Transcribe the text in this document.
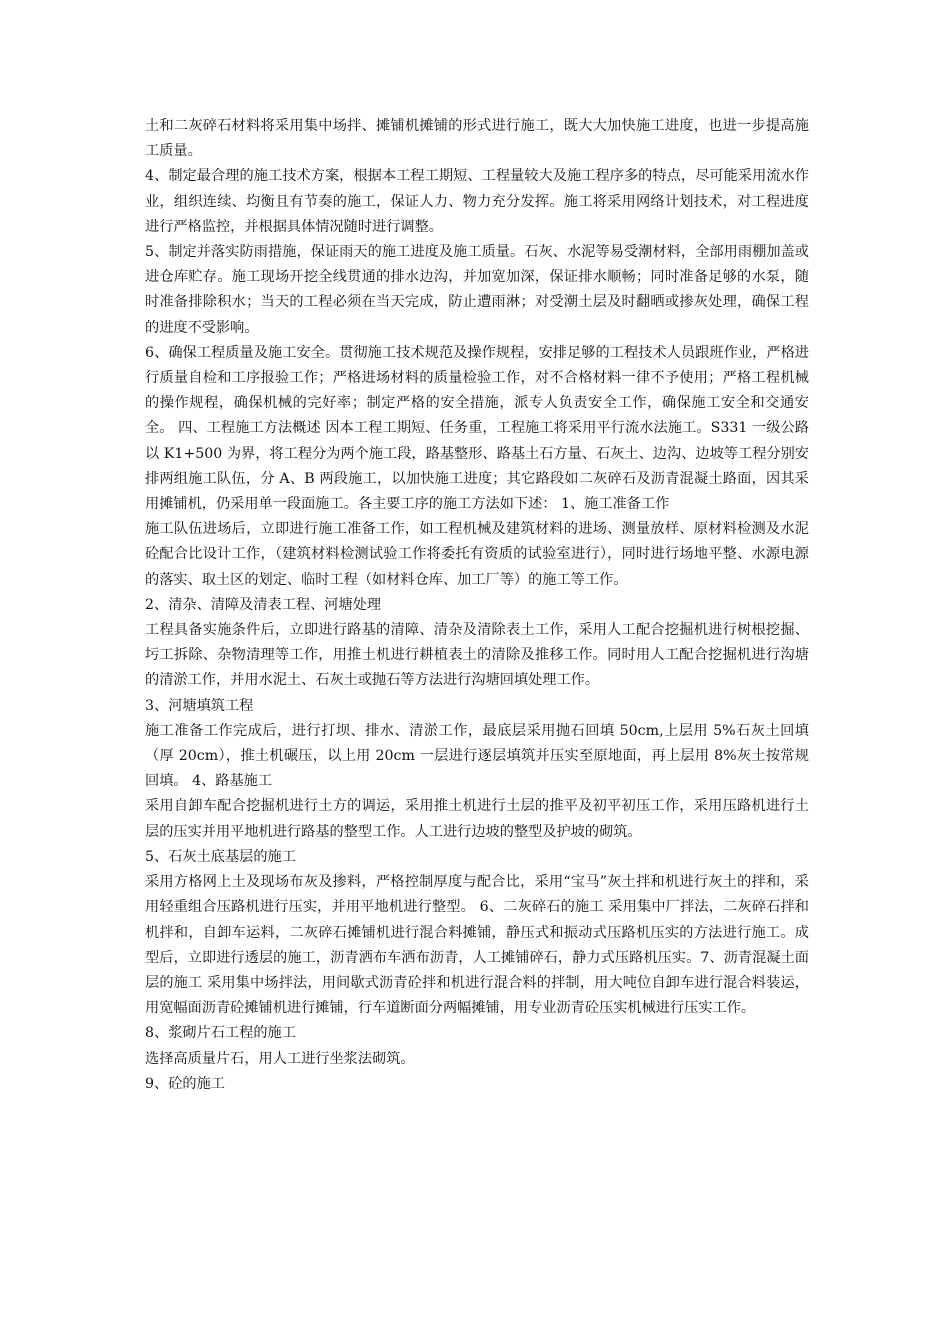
土和二灰碎石材料将采用集中场拌、摊铺机摊铺的形式进行施工，既大大加快施工进度，也进一步提高施工质量。

4、制定最合理的施工技术方案，根据本工程工期短、工程量较大及施工程序多的特点，尽可能采用流水作业，组织连续、均衡且有节奏的施工，保证人力、物力充分发挥。施工将采用网络计划技术，对工程进度进行严格监控，并根据具体情况随时进行调整。

5、制定并落实防雨措施，保证雨天的施工进度及施工质量。石灰、水泥等易受潮材料，全部用雨棚加盖或进仓库贮存。施工现场开挖全线贯通的排水边沟，并加宽加深，保证排水顺畅；同时准备足够的水泵，随时准备排除积水；当天的工程必须在当天完成，防止遭雨淋；对受潮土层及时翻晒或掺灰处理，确保工程的进度不受影响。

6、确保工程质量及施工安全。贯彻施工技术规范及操作规程，安排足够的工程技术人员跟班作业，严格进行质量自检和工序报验工作；严格进场材料的质量检验工作，对不合格材料一律不予使用；严格工程机械的操作规程，确保机械的完好率；制定严格的安全措施，派专人负责安全工作，确保施工安全和交通安全。 四、工程施工方法概述 因本工程工期短、任务重，工程施工将采用平行流水法施工。S331 一级公路以 K1+500 为界，将工程分为两个施工段，路基整形、路基土石方量、石灰土、边沟、边坡等工程分别安排两组施工队伍，分 A、B 两段施工，以加快施工进度；其它路段如二灰碎石及沥青混凝土路面，因其采用摊铺机，仍采用单一段面施工。各主要工序的施工方法如下述： 1、施工准备工作

施工队伍进场后，立即进行施工准备工作，如工程机械及建筑材料的进场、测量放样、原材料检测及水泥砼配合比设计工作，（建筑材料检测试验工作将委托有资质的试验室进行），同时进行场地平整、水源电源的落实、取土区的划定、临时工程（如材料仓库、加工厂等）的施工等工作。

2、清杂、清障及清表工程、河塘处理

工程具备实施条件后，立即进行路基的清障、清杂及清除表土工作，采用人工配合挖掘机进行树根挖掘、圬工拆除、杂物清理等工作，用推土机进行耕植表土的清除及推移工作。同时用人工配合挖掘机进行沟塘的清淤工作，并用水泥土、石灰土或抛石等方法进行沟塘回填处理工作。

3、河塘填筑工程

施工准备工作完成后，进行打坝、排水、清淤工作，最底层采用抛石回填 50cm,上层用 5%石灰土回填（厚 20cm），推土机碾压，以上用 20cm 一层进行逐层填筑并压实至原地面，再上层用 8%灰土按常规回填。 4、路基施工

采用自卸车配合挖掘机进行土方的调运，采用推土机进行土层的推平及初平初压工作，采用压路机进行土层的压实并用平地机进行路基的整型工作。人工进行边坡的整型及护坡的砌筑。

5、石灰土底基层的施工

采用方格网上土及现场布灰及掺料，严格控制厚度与配合比，采用“宝马”灰土拌和机进行灰土的拌和，采用轻重组合压路机进行压实，并用平地机进行整型。 6、二灰碎石的施工 采用集中厂拌法，二灰碎石拌和机拌和，自卸车运料，二灰碎石摊铺机进行混合料摊铺，静压式和振动式压路机压实的方法进行施工。成型后，立即进行透层的施工，沥青洒布车洒布沥青，人工摊铺碎石，静力式压路机压实。7、沥青混凝土面层的施工 采用集中场拌法，用间歇式沥青砼拌和机进行混合料的拌制，用大吨位自卸车进行混合料装运，用宽幅面沥青砼摊铺机进行摊铺，行车道断面分两幅摊铺，用专业沥青砼压实机械进行压实工作。

8、浆砌片石工程的施工

选择高质量片石，用人工进行坐浆法砌筑。

9、砼的施工
